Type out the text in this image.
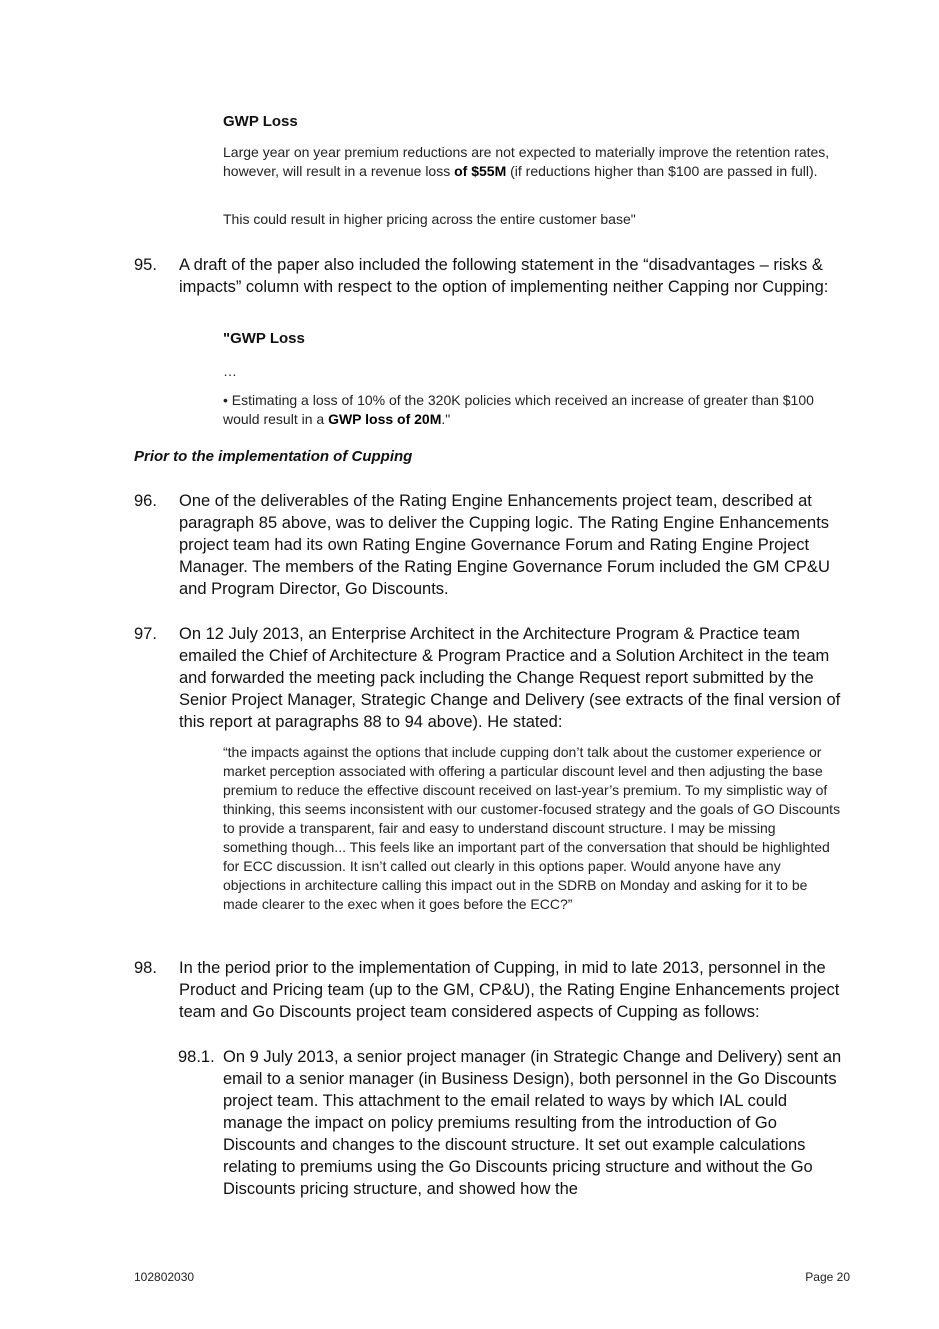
GWP Loss
Large year on year premium reductions are not expected to materially improve the retention rates, however, will result in a revenue loss of $55M (if reductions higher than $100 are passed in full).
This could result in higher pricing across the entire customer base"
95. A draft of the paper also included the following statement in the “disadvantages – risks & impacts” column with respect to the option of implementing neither Capping nor Cupping:
"GWP Loss
…
• Estimating a loss of 10% of the 320K policies which received an increase of greater than $100 would result in a GWP loss of 20M."
Prior to the implementation of Cupping
96. One of the deliverables of the Rating Engine Enhancements project team, described at paragraph 85 above, was to deliver the Cupping logic. The Rating Engine Enhancements project team had its own Rating Engine Governance Forum and Rating Engine Project Manager. The members of the Rating Engine Governance Forum included the GM CP&U and Program Director, Go Discounts.
97. On 12 July 2013, an Enterprise Architect in the Architecture Program & Practice team emailed the Chief of Architecture & Program Practice and a Solution Architect in the team and forwarded the meeting pack including the Change Request report submitted by the Senior Project Manager, Strategic Change and Delivery (see extracts of the final version of this report at paragraphs 88 to 94 above). He stated:
“the impacts against the options that include cupping don’t talk about the customer experience or market perception associated with offering a particular discount level and then adjusting the base premium to reduce the effective discount received on last-year’s premium. To my simplistic way of thinking, this seems inconsistent with our customer-focused strategy and the goals of GO Discounts to provide a transparent, fair and easy to understand discount structure. I may be missing something though... This feels like an important part of the conversation that should be highlighted for ECC discussion. It isn’t called out clearly in this options paper. Would anyone have any objections in architecture calling this impact out in the SDRB on Monday and asking for it to be made clearer to the exec when it goes before the ECC?”
98. In the period prior to the implementation of Cupping, in mid to late 2013, personnel in the Product and Pricing team (up to the GM, CP&U), the Rating Engine Enhancements project team and Go Discounts project team considered aspects of Cupping as follows:
98.1. On 9 July 2013, a senior project manager (in Strategic Change and Delivery) sent an email to a senior manager (in Business Design), both personnel in the Go Discounts project team. This attachment to the email related to ways by which IAL could manage the impact on policy premiums resulting from the introduction of Go Discounts and changes to the discount structure. It set out example calculations relating to premiums using the Go Discounts pricing structure and without the Go Discounts pricing structure, and showed how the
102802030	Page 20
